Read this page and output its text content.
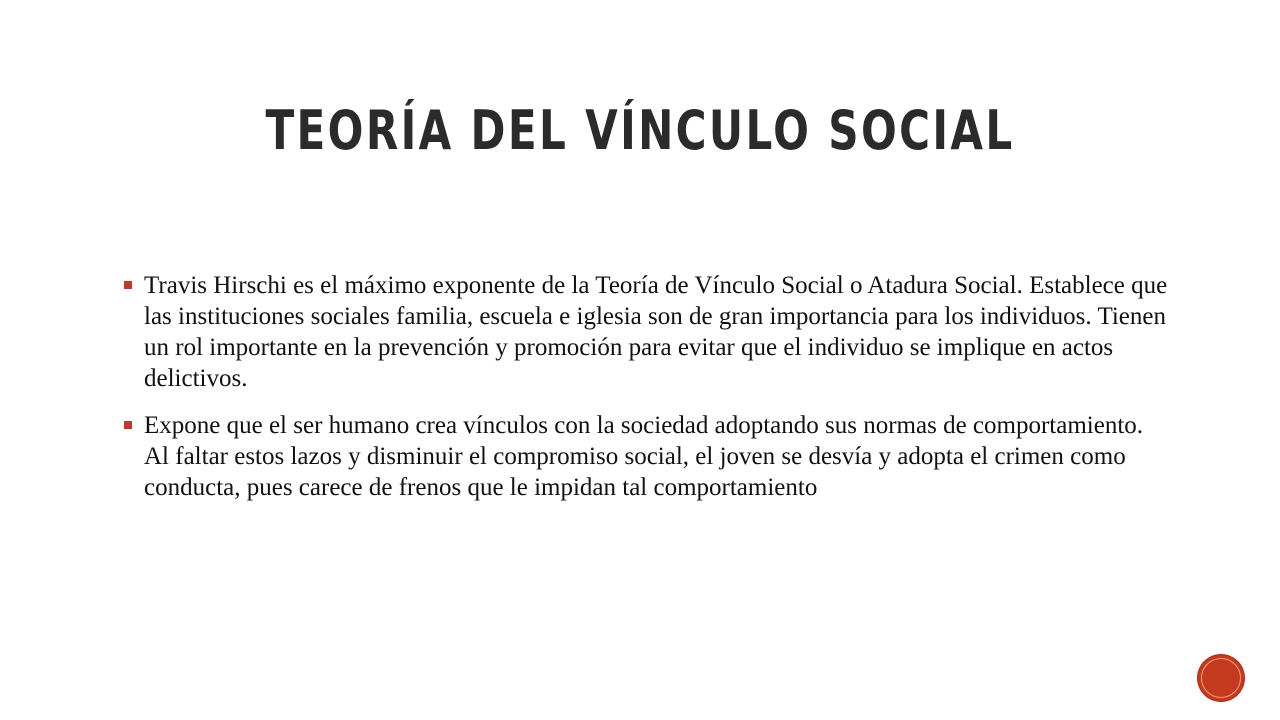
TEORÍA DEL VÍNCULO SOCIAL
Travis Hirschi es el máximo exponente de la Teoría de Vínculo Social o Atadura Social. Establece que las instituciones sociales familia, escuela e iglesia son de gran importancia para los individuos. Tienen un rol importante en la prevención y promoción para evitar que el individuo se implique en actos delictivos.
Expone que el ser humano crea vínculos con la sociedad adoptando sus normas de comportamiento. Al faltar estos lazos y disminuir el compromiso social, el joven se desvía y adopta el crimen como conducta, pues carece de frenos que le impidan tal comportamiento
